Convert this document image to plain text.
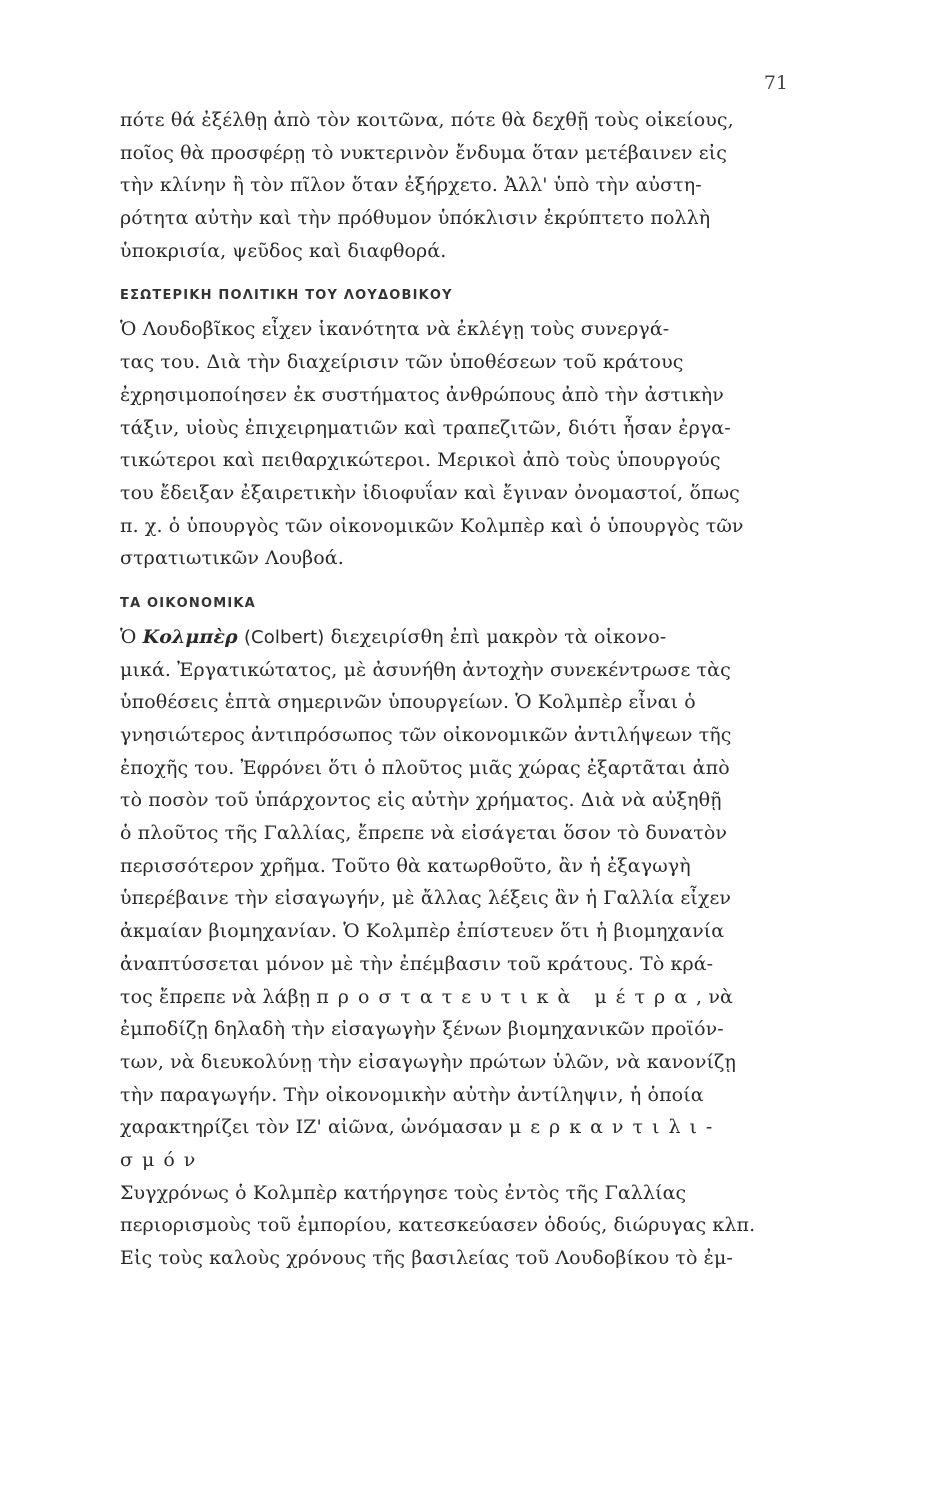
71
πότε θά ἐξέλθῃ ἀπὸ τὸν κοιτῶνα, πότε θὰ δεχθῇ τοὺς οἰκείους,
ποῖος θὰ προσφέρῃ τὸ νυκτερινὸν ἔνδυμα ὅταν μετέβαινεν εἰς
τὴν κλίνην ἢ τὸν πῖλον ὅταν ἐξήρχετο. Ἀλλ' ὑπὸ τὴν αὐστη-
ρότητα αὐτὴν καὶ τὴν πρόθυμον ὑπόκλισιν ἐκρύπτετο πολλὴ
ὑποκρισία, ψεῦδος καὶ διαφθορά.
ΕΣΩΤΕΡΙΚΗ ΠΟΛΙΤΙΚΗ ΤΟΥ ΛΟΥΔΟΒΙΚΟΥ
Ὁ Λουδοβῖκος εἶχεν ἱκανότητα νὰ ἐκλέγῃ τοὺς συνεργά-
τας του. Διὰ τὴν διαχείρισιν τῶν ὑποθέσεων τοῦ κράτους
ἐχρησιμοποίησεν ἐκ συστήματος ἀνθρώπους ἀπὸ τὴν ἀστικὴν
τάξιν, υἱοὺς ἐπιχειρηματιῶν καὶ τραπεζιτῶν, διότι ἦσαν ἐργα-
τικώτεροι καὶ πειθαρχικώτεροι. Μερικοὶ ἀπὸ τοὺς ὑπουργούς
του ἔδειξαν ἐξαιρετικὴν ἰδιοφυΐαν καὶ ἔγιναν ὀνομαστοί, ὅπως
π. χ. ὁ ὑπουργὸς τῶν οἰκονομικῶν Κολμπὲρ καὶ ὁ ὑπουργὸς τῶν
στρατιωτικῶν Λουβοά.
ΤΑ ΟΙΚΟΝΟΜΙΚΑ
Ὁ Κολμπὲρ (Colbert) διεχειρίσθη ἐπὶ μακρὸν τὰ οἰκονο-
μικά. Ἐργατικώτατος, μὲ ἀσυνήθη ἀντοχὴν συνεκέντρωσε τὰς
ὑποθέσεις ἑπτὰ σημερινῶν ὑπουργείων. Ὁ Κολμπὲρ εἶναι ὁ
γνησιώτερος ἀντιπρόσωπος τῶν οἰκονομικῶν ἀντιλήψεων τῆς
ἐποχῆς του. Ἐφρόνει ὅτι ὁ πλοῦτος μιᾶς χώρας ἐξαρτᾶται ἀπὸ
τὸ ποσὸν τοῦ ὑπάρχοντος εἰς αὐτὴν χρήματος. Διὰ νὰ αὐξηθῇ
ὁ πλοῦτος τῆς Γαλλίας, ἔπρεπε νὰ εἰσάγεται ὅσον τὸ δυνατὸν
περισσότερον χρῆμα. Τοῦτο θὰ κατωρθοῦτο, ἂν ἡ ἐξαγωγὴ
ὑπερέβαινε τὴν εἰσαγωγήν, μὲ ἄλλας λέξεις ἂν ἡ Γαλλία εἶχεν
ἀκμαίαν βιομηχανίαν. Ὁ Κολμπὲρ ἐπίστευεν ὅτι ἡ βιομηχανία
ἀναπτύσσεται μόνον μὲ τὴν ἐπέμβασιν τοῦ κράτους. Τὸ κρά-
τος ἔπρεπε νὰ λάβῃ προστατευτικὰ μέτρα, νὰ
ἐμποδίζῃ δηλαδὴ τὴν εἰσαγωγὴν ξένων βιομηχανικῶν προϊόν-
των, νὰ διευκολύνῃ τὴν εἰσαγωγὴν πρώτων ὑλῶν, νὰ κανονίζῃ
τὴν παραγωγήν. Τὴν οἰκονομικὴν αὐτὴν ἀντίληψιν, ἡ ὁποία
χαρακτηρίζει τὸν ΙΖ' αἰῶνα, ὠνόμασαν μερκαντιλι-
σμόν
Συγχρόνως ὁ Κολμπὲρ κατήργησε τοὺς ἐντὸς τῆς Γαλλίας
περιορισμοὺς τοῦ ἐμπορίου, κατεσκεύασεν ὁδούς, διώρυγας κλπ.
Εἰς τοὺς καλοὺς χρόνους τῆς βασιλείας τοῦ Λουδοβίκου τὸ ἐμ-
